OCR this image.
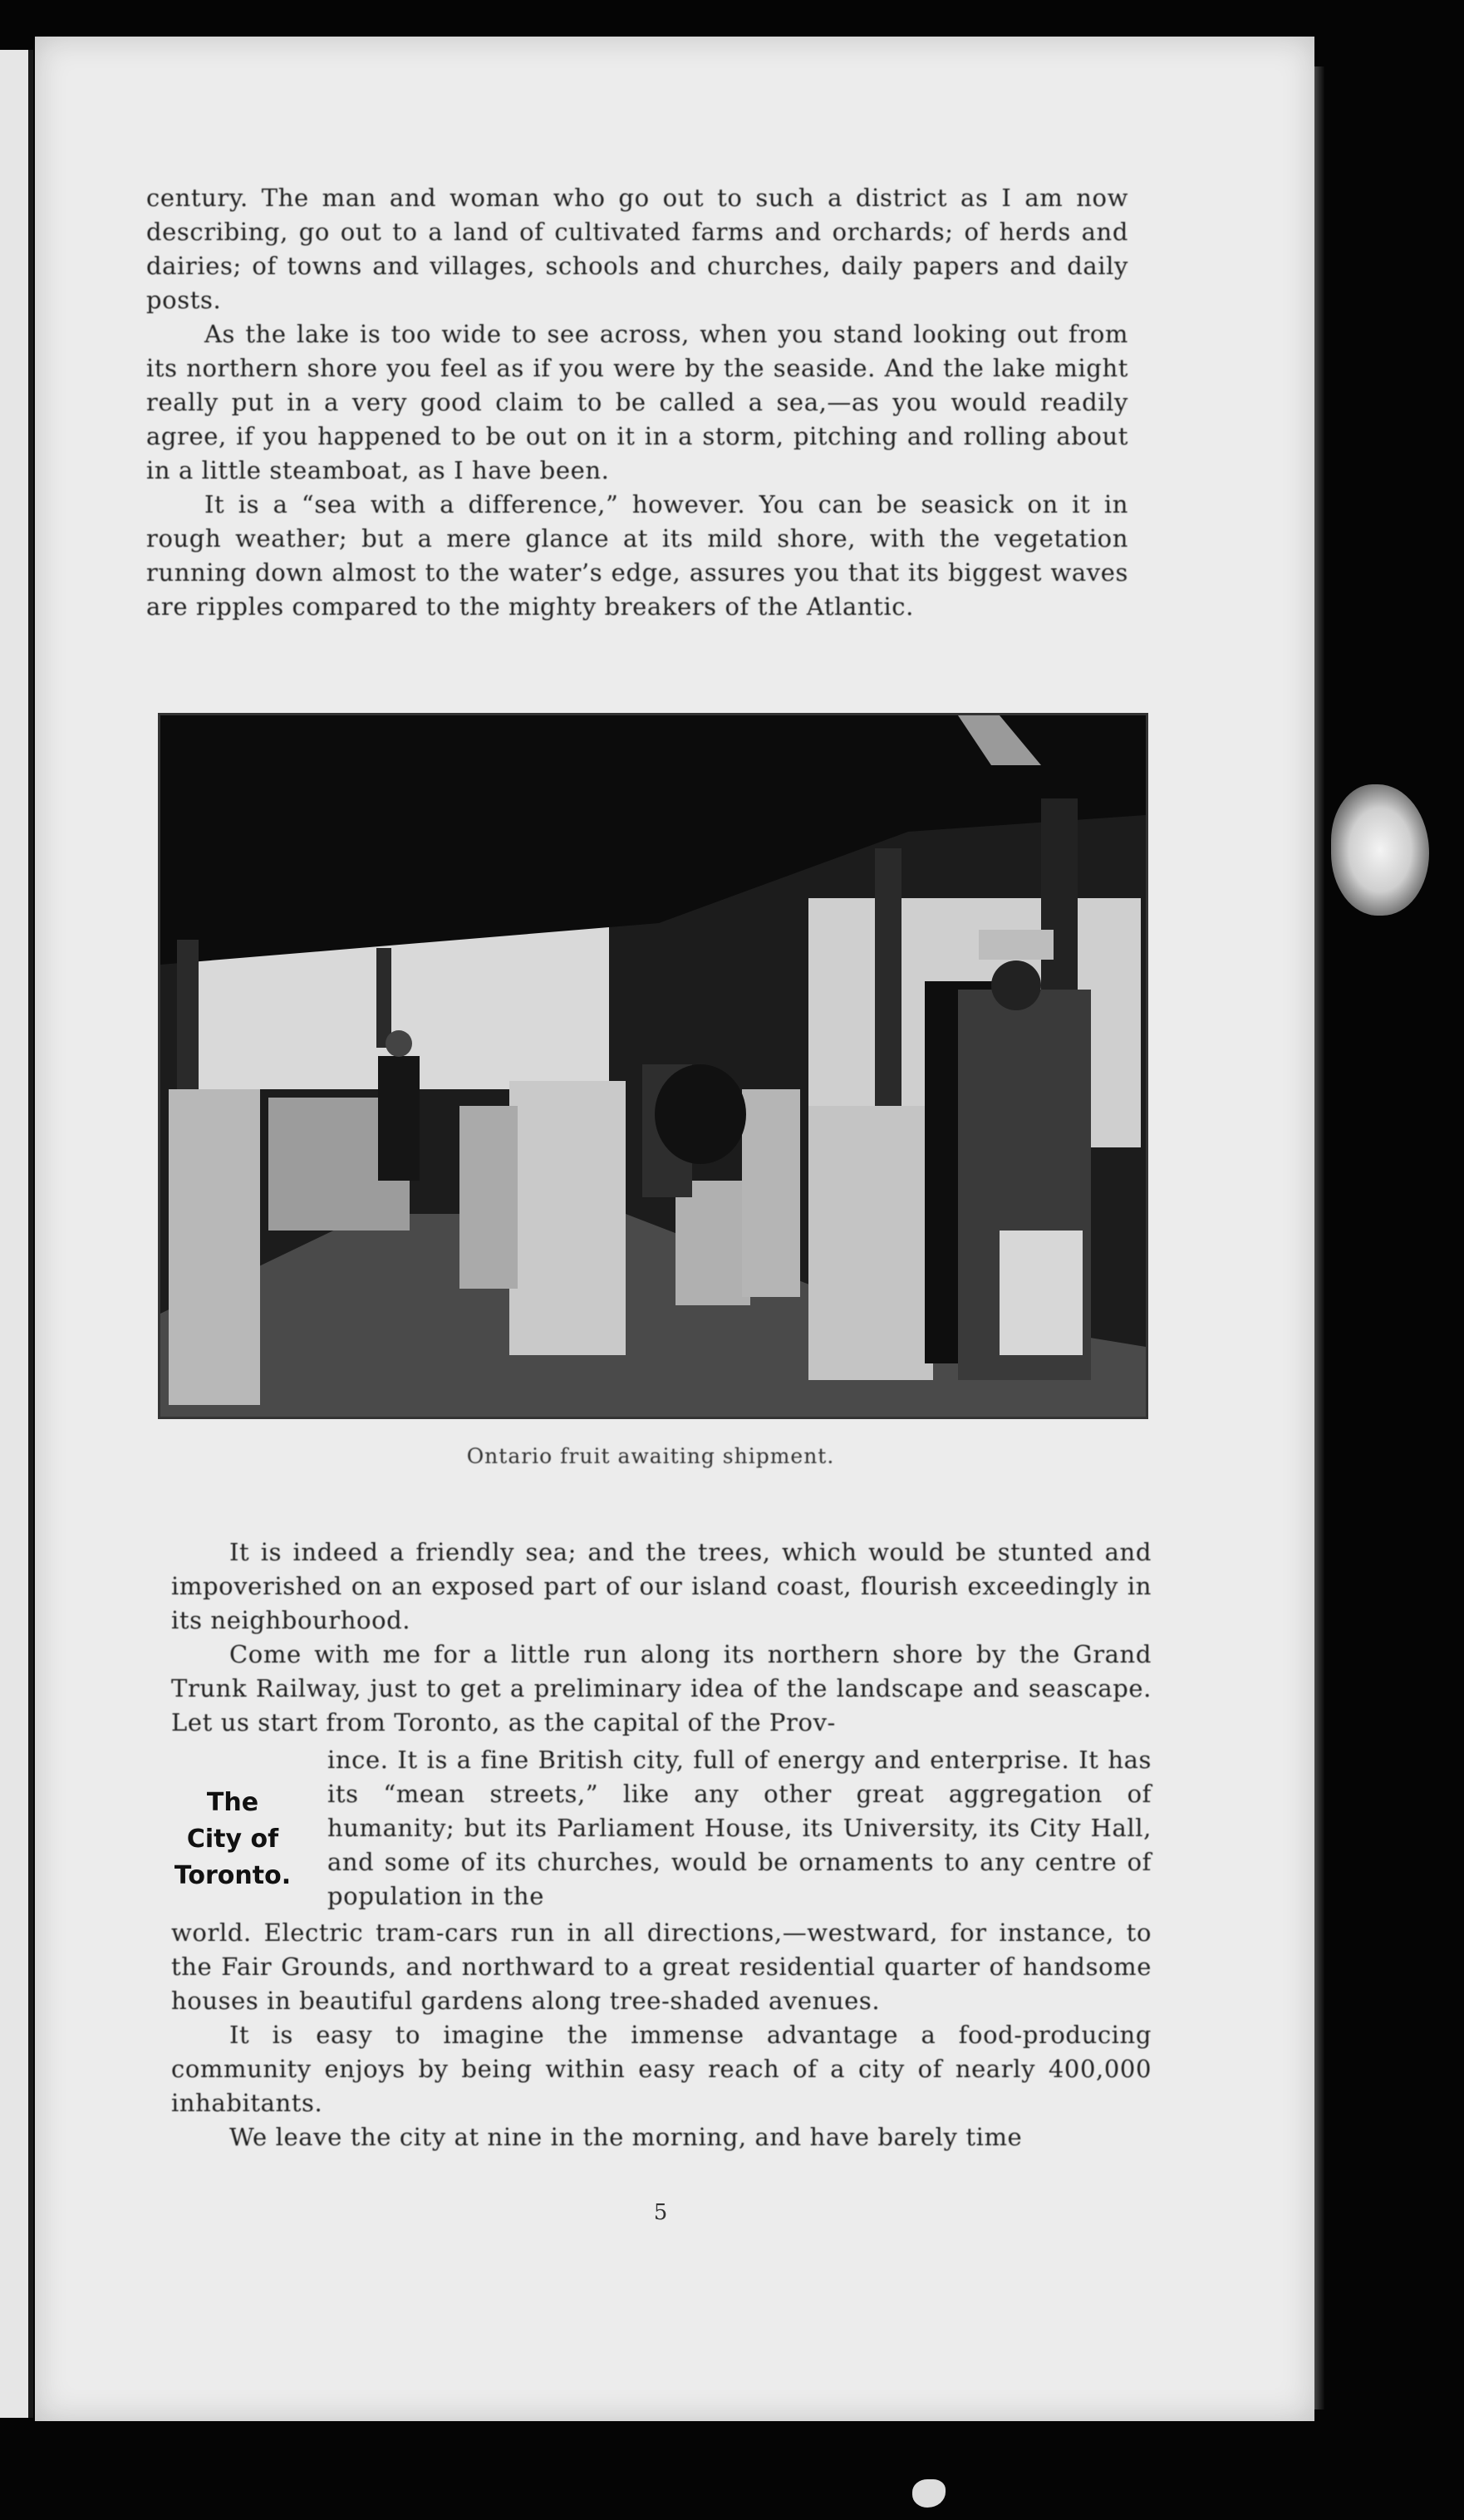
century. The man and woman who go out to such a district as I am now describing, go out to a land of cultivated farms and orchards; of herds and dairies; of towns and villages, schools and churches, daily papers and daily posts.

As the lake is too wide to see across, when you stand looking out from its northern shore you feel as if you were by the seaside. And the lake might really put in a very good claim to be called a sea,—as you would readily agree, if you happened to be out on it in a storm, pitching and rolling about in a little steamboat, as I have been.

It is a “sea with a difference,” however. You can be seasick on it in rough weather; but a mere glance at its mild shore, with the vegetation running down almost to the water’s edge, assures you that its biggest waves are ripples compared to the mighty breakers of the Atlantic.

Ontario fruit awaiting shipment.

It is indeed a friendly sea; and the trees, which would be stunted and impoverished on an exposed part of our island coast, flourish exceedingly in its neighbourhood.

Come with me for a little run along its northern shore by the Grand Trunk Railway, just to get a preliminary idea of the landscape and seascape. Let us start from Toronto, as the capital of the Prov-

The
City of
Toronto.

ince. It is a fine British city, full of energy and enterprise. It has its “mean streets,” like any other great aggregation of humanity; but its Parliament House, its University, its City Hall, and some of its churches, would be ornaments to any centre of population in the

world. Electric tram-cars run in all directions,—westward, for instance, to the Fair Grounds, and northward to a great residential quarter of handsome houses in beautiful gardens along tree-shaded avenues.

It is easy to imagine the immense advantage a food-producing community enjoys by being within easy reach of a city of nearly 400,000 inhabitants.

We leave the city at nine in the morning, and have barely time

5
